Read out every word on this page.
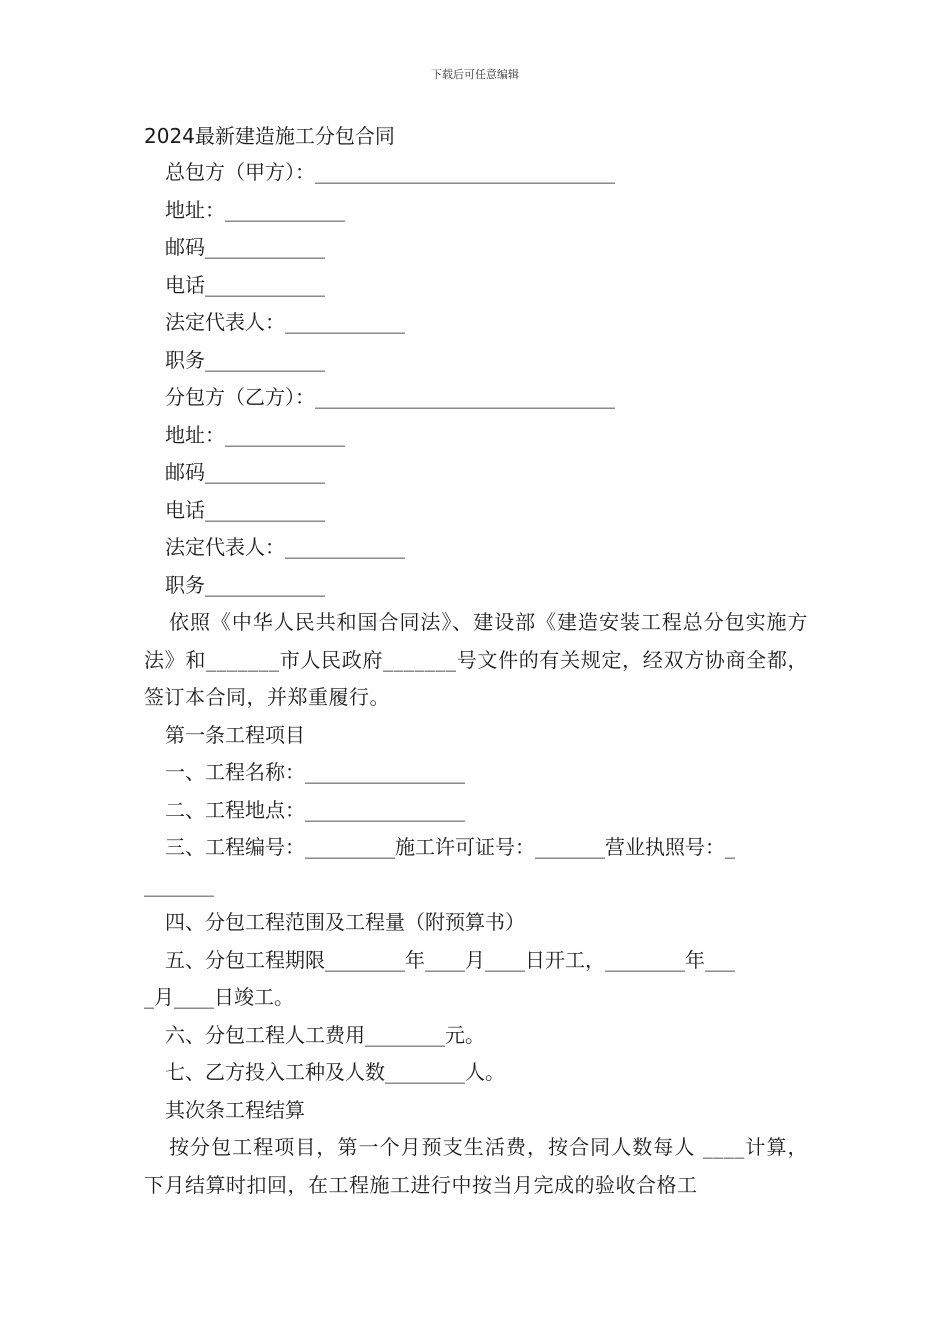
下载后可任意编辑
2024最新建造施工分包合同
总包方（甲方）：______________________________
地址：____________
邮码____________
电话____________
法定代表人：____________
职务____________
分包方（乙方）：______________________________
地址：____________
邮码____________
电话____________
法定代表人：____________
职务____________
依照《中华人民共和国合同法》、建设部《建造安装工程总分包实施方法》和_______市人民政府_______号文件的有关规定，经双方协商全都，签订本合同，并郑重履行。
第一条工程项目
一、工程名称：________________
二、工程地点：________________
三、工程编号：_________施工许可证号：_______营业执照号：_
_______
四、分包工程范围及工程量（附预算书）
五、分包工程期限________年____月____日开工，________年___
_月____日竣工。
六、分包工程人工费用________元。
七、乙方投入工种及人数________人。
其次条工程结算
按分包工程项目，第一个月预支生活费，按合同人数每人 ____计算，下月结算时扣回，在工程施工进行中按当月完成的验收合格工
